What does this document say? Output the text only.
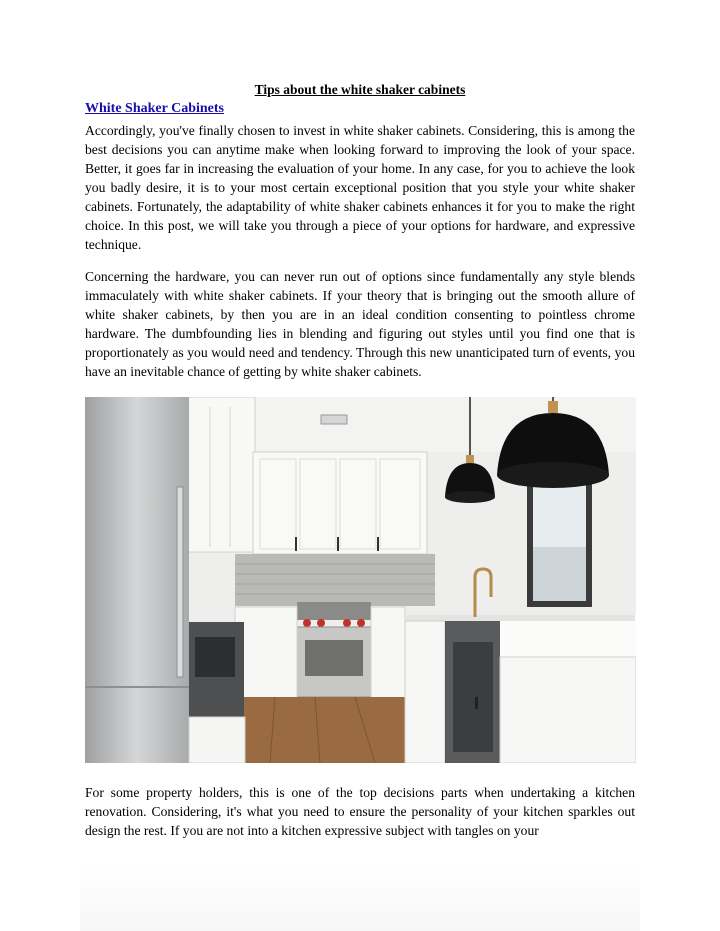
Tips about the white shaker cabinets
White Shaker Cabinets

Accordingly, you've finally chosen to invest in white shaker cabinets. Considering, this is among the best decisions you can anytime make when looking forward to improving the look of your space. Better, it goes far in increasing the evaluation of your home. In any case, for you to achieve the look you badly desire, it is to your most certain exceptional position that you style your white shaker cabinets. Fortunately, the adaptability of white shaker cabinets enhances it for you to make the right choice. In this post, we will take you through a piece of your options for hardware, and expressive technique.

Concerning the hardware, you can never run out of options since fundamentally any style blends immaculately with white shaker cabinets. If your theory that is bringing out the smooth allure of white shaker cabinets, by then you are in an ideal condition consenting to pointless chrome hardware. The dumbfounding lies in blending and figuring out styles until you find one that is proportionately as you would need and tendency. Through this new unanticipated turn of events, you have an inevitable chance of getting by white shaker cabinets.

For some property holders, this is one of the top decisions parts when undertaking a kitchen renovation. Considering, it's what you need to ensure the personality of your kitchen sparkles out design the rest. If you are not into a kitchen expressive subject with tangles on your
